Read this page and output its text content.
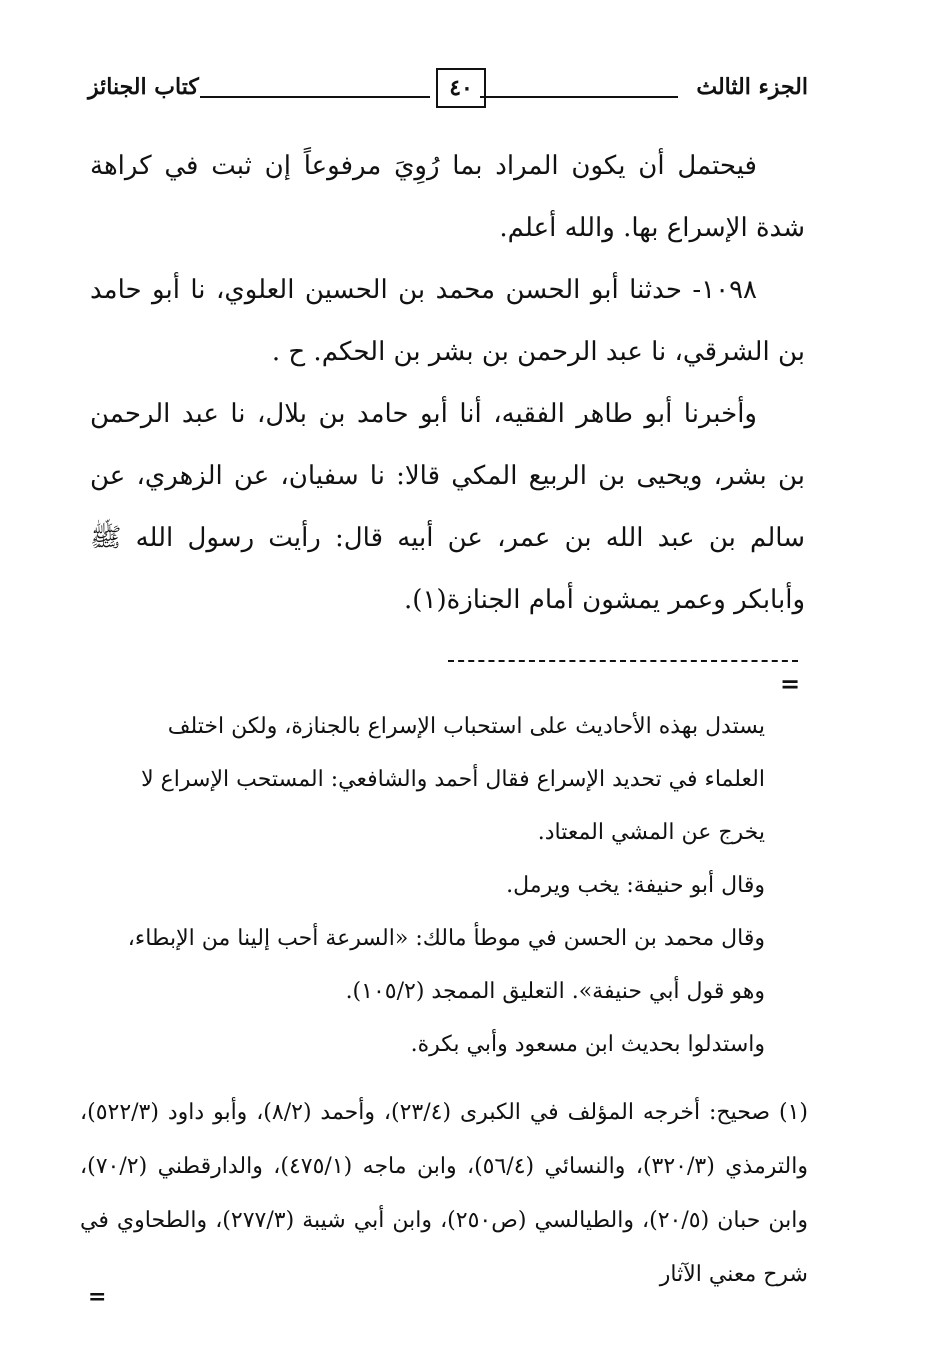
الجزء الثالث
٤٠
كتاب الجنائز

فيحتمل أن يكون المراد بما رُوِيَ مرفوعاً إن ثبت في كراهة شدة الإسراع بها. والله أعلم.

١٠٩٨- حدثنا أبو الحسن محمد بن الحسين العلوي، نا أبو حامد بن الشرقي، نا عبد الرحمن بن بشر بن الحكم. ح .

وأخبرنا أبو طاهر الفقيه، أنا أبو حامد بن بلال، نا عبد الرحمن بن بشر، ويحيى بن الربيع المكي قالا: نا سفيان، عن الزهري، عن سالم بن عبد الله بن عمر، عن أبيه قال: رأيت رسول الله ﷺ وأبابكر وعمر يمشون أمام الجنازة(١).

=

يستدل بهذه الأحاديث على استحباب الإسراع بالجنازة، ولكن اختلف

العلماء في تحديد الإسراع فقال أحمد والشافعي: المستحب الإسراع لا

يخرج عن المشي المعتاد.

وقال أبو حنيفة: يخب ويرمل.

وقال محمد بن الحسن في موطأ مالك: «السرعة أحب إلينا من الإبطاء،

وهو قول أبي حنيفة». التعليق الممجد (١٠٥/٢).

واستدلوا بحديث ابن مسعود وأبي بكرة.

(١) صحيح: أخرجه المؤلف في الكبرى (٢٣/٤)، وأحمد (٨/٢)، وأبو داود (٥٢٢/٣)، والترمذي (٣٢٠/٣)، والنسائي (٥٦/٤)، وابن ماجه (٤٧٥/١)، والدارقطني (٧٠/٢)، وابن حبان (٢٠/٥)، والطيالسي (ص٢٥٠)، وابن أبي شيبة (٢٧٧/٣)، والطحاوي في شرح معني الآثار

=
